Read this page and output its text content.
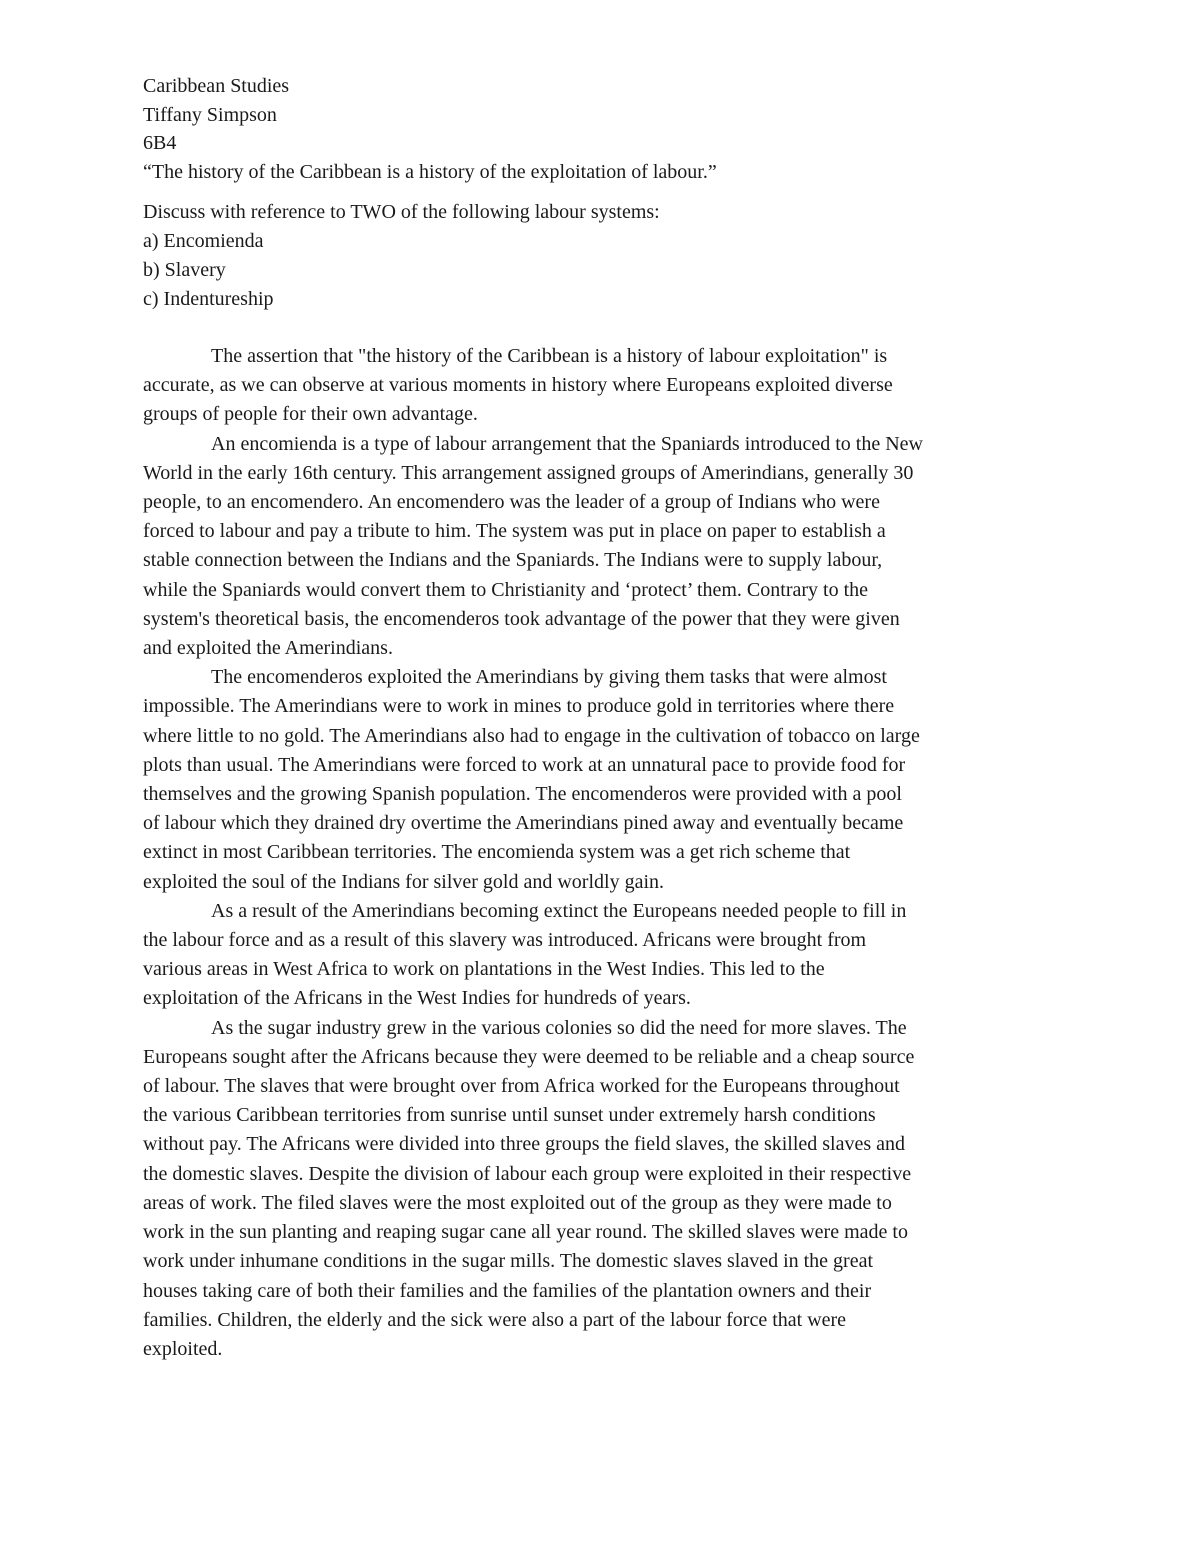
Caribbean Studies
Tiffany Simpson
6B4
“The history of the Caribbean is a history of the exploitation of labour.”
Discuss with reference to TWO of the following labour systems:
a) Encomienda
b) Slavery
c) Indentureship
The assertion that "the history of the Caribbean is a history of labour exploitation" is
accurate, as we can observe at various moments in history where Europeans exploited diverse
groups of people for their own advantage.
An encomienda is a type of labour arrangement that the Spaniards introduced to the New
World in the early 16th century. This arrangement assigned groups of Amerindians, generally 30
people, to an encomendero. An encomendero was the leader of a group of Indians who were
forced to labour and pay a tribute to him. The system was put in place on paper to establish a
stable connection between the Indians and the Spaniards. The Indians were to supply labour,
while the Spaniards would convert them to Christianity and ‘protect’ them. Contrary to the
system's theoretical basis, the encomenderos took advantage of the power that they were given
and exploited the Amerindians.
The encomenderos exploited the Amerindians by giving them tasks that were almost
impossible. The Amerindians were to work in mines to produce gold in territories where there
where little to no gold. The Amerindians also had to engage in the cultivation of tobacco on large
plots than usual. The Amerindians were forced to work at an unnatural pace to provide food for
themselves and the growing Spanish population. The encomenderos were provided with a pool
of labour which they drained dry overtime the Amerindians pined away and eventually became
extinct in most Caribbean territories. The encomienda system was a get rich scheme that
exploited the soul of the Indians for silver gold and worldly gain.
As a result of the Amerindians becoming extinct the Europeans needed people to fill in
the labour force and as a result of this slavery was introduced. Africans were brought from
various areas in West Africa to work on plantations in the West Indies. This led to the
exploitation of the Africans in the West Indies for hundreds of years.
As the sugar industry grew in the various colonies so did the need for more slaves. The
Europeans sought after the Africans because they were deemed to be reliable and a cheap source
of labour. The slaves that were brought over from Africa worked for the Europeans throughout
the various Caribbean territories from sunrise until sunset under extremely harsh conditions
without pay. The Africans were divided into three groups the field slaves, the skilled slaves and
the domestic slaves. Despite the division of labour each group were exploited in their respective
areas of work. The filed slaves were the most exploited out of the group as they were made to
work in the sun planting and reaping sugar cane all year round. The skilled slaves were made to
work under inhumane conditions in the sugar mills. The domestic slaves slaved in the great
houses taking care of both their families and the families of the plantation owners and their
families. Children, the elderly and the sick were also a part of the labour force that were
exploited.
